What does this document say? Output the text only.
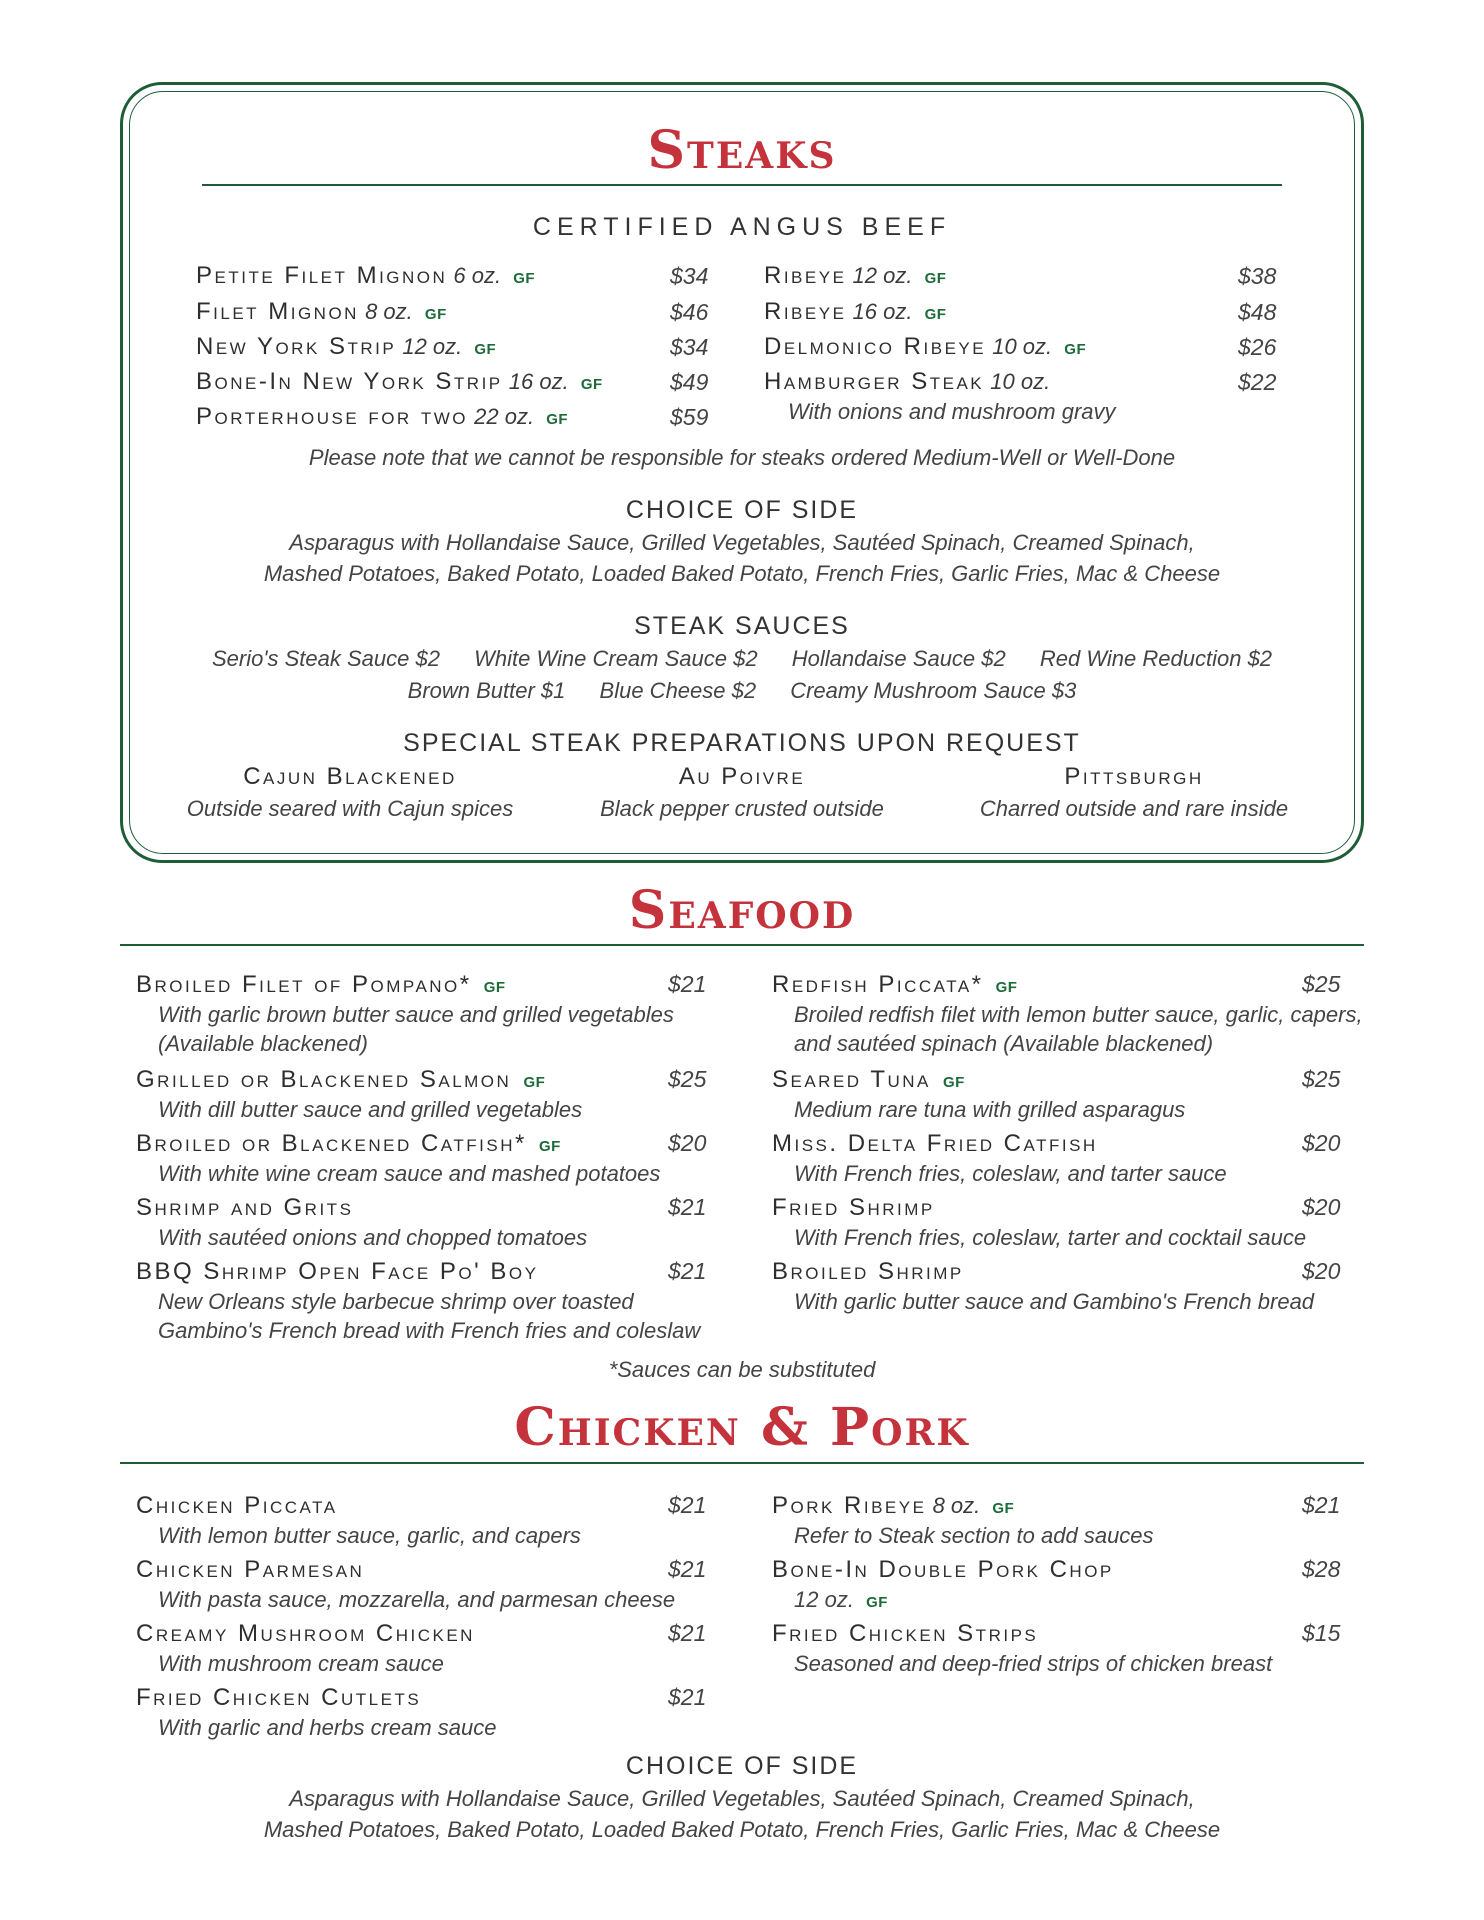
Steaks
CERTIFIED ANGUS BEEF
Petite Filet Mignon 6 oz. GF	$34
Filet Mignon 8 oz. GF	$46
New York Strip 12 oz. GF	$34
Bone-In New York Strip 16 oz. GF	$49
Porterhouse for two 22 oz. GF	$59
Ribeye 12 oz. GF	$38
Ribeye 16 oz. GF	$48
Delmonico Ribeye 10 oz. GF	$26
Hamburger Steak 10 oz.	$22
With onions and mushroom gravy
Please note that we cannot be responsible for steaks ordered Medium-Well or Well-Done
CHOICE OF SIDE
Asparagus with Hollandaise Sauce, Grilled Vegetables, Sautéed Spinach, Creamed Spinach,
Mashed Potatoes, Baked Potato, Loaded Baked Potato, French Fries, Garlic Fries, Mac & Cheese
STEAK SAUCES
Serio's Steak Sauce $2 White Wine Cream Sauce $2 Hollandaise Sauce $2 Red Wine Reduction $2
Brown Butter $1 Blue Cheese $2 Creamy Mushroom Sauce $3
SPECIAL STEAK PREPARATIONS UPON REQUEST
Cajun Blackened
Outside seared with Cajun spices
Au Poivre
Black pepper crusted outside
Pittsburgh
Charred outside and rare inside
Seafood
Broiled Filet of Pompano* GF	$21
With garlic brown butter sauce and grilled vegetables
(Available blackened)
Grilled or Blackened Salmon GF	$25
With dill butter sauce and grilled vegetables
Broiled or Blackened Catfish* GF	$20
With white wine cream sauce and mashed potatoes
Shrimp and Grits	$21
With sautéed onions and chopped tomatoes
BBQ Shrimp Open Face Po' Boy	$21
New Orleans style barbecue shrimp over toasted
Gambino's French bread with French fries and coleslaw
Redfish Piccata* GF	$25
Broiled redfish filet with lemon butter sauce, garlic, capers,
and sautéed spinach (Available blackened)
Seared Tuna GF	$25
Medium rare tuna with grilled asparagus
Miss. Delta Fried Catfish	$20
With French fries, coleslaw, and tarter sauce
Fried Shrimp	$20
With French fries, coleslaw, tarter and cocktail sauce
Broiled Shrimp	$20
With garlic butter sauce and Gambino's French bread
*Sauces can be substituted
Chicken & Pork
Chicken Piccata	$21
With lemon butter sauce, garlic, and capers
Chicken Parmesan	$21
With pasta sauce, mozzarella, and parmesan cheese
Creamy Mushroom Chicken	$21
With mushroom cream sauce
Fried Chicken Cutlets	$21
With garlic and herbs cream sauce
Pork Ribeye 8 oz. GF	$21
Refer to Steak section to add sauces
Bone-In Double Pork Chop	$28
12 oz. GF
Fried Chicken Strips	$15
Seasoned and deep-fried strips of chicken breast
CHOICE OF SIDE
Asparagus with Hollandaise Sauce, Grilled Vegetables, Sautéed Spinach, Creamed Spinach,
Mashed Potatoes, Baked Potato, Loaded Baked Potato, French Fries, Garlic Fries, Mac & Cheese
